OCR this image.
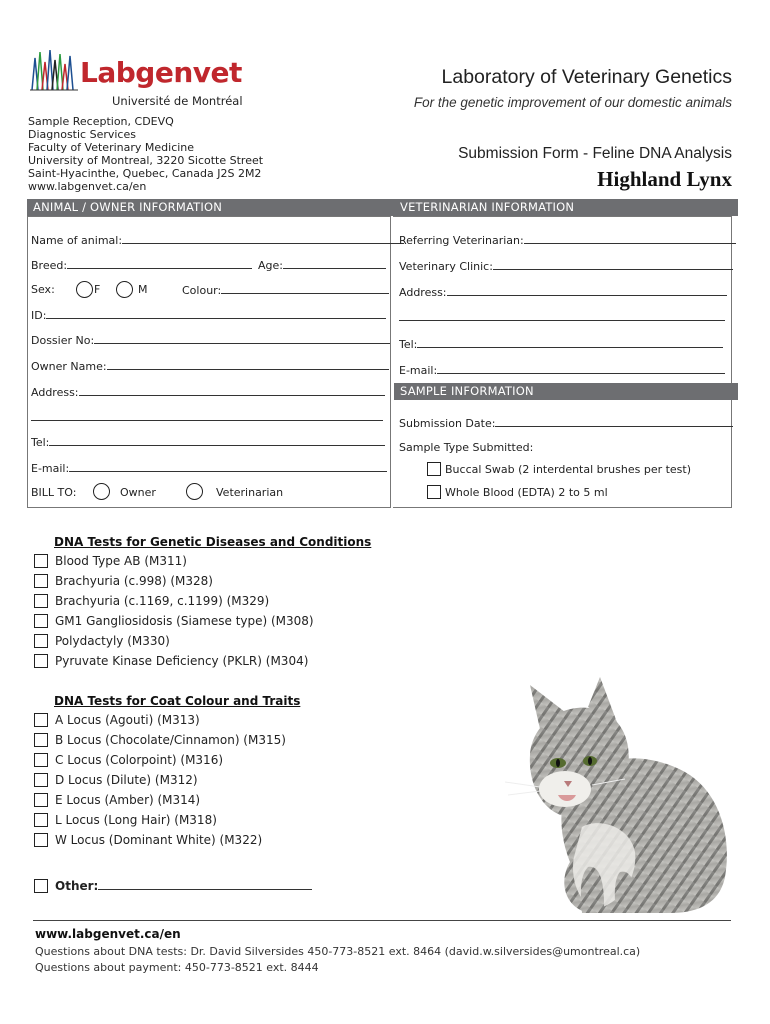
Labgenvet
Université de Montréal
Sample Reception, CDEVQ
Diagnostic Services
Faculty of Veterinary Medicine
University of Montreal, 3220 Sicotte Street
Saint-Hyacinthe, Quebec, Canada J2S 2M2
www.labgenvet.ca/en
Laboratory of Veterinary Genetics
For the genetic improvement of our domestic animals
Submission Form - Feline DNA Analysis
Highland Lynx
ANIMAL / OWNER INFORMATION	VETERINARIAN INFORMATION
Name of animal:
Breed:	Age:
Sex:	F	M	Colour:
ID:
Dossier No:
Owner Name:
Address:
Tel:
E-mail:
BILL TO:	Owner	Veterinarian
Referring Veterinarian:
Veterinary Clinic:
Address:
Tel:
E-mail:
SAMPLE INFORMATION
Submission Date:
Sample Type Submitted:
Buccal Swab (2 interdental brushes per test)
Whole Blood (EDTA) 2 to 5 ml
DNA Tests for Genetic Diseases and Conditions
Blood Type AB (M311)
Brachyuria (c.998) (M328)
Brachyuria (c.1169, c.1199) (M329)
GM1 Gangliosidosis (Siamese type) (M308)
Polydactyly (M330)
Pyruvate Kinase Deficiency (PKLR) (M304)
DNA Tests for Coat Colour and Traits
A Locus (Agouti) (M313)
B Locus (Chocolate/Cinnamon) (M315)
C Locus (Colorpoint) (M316)
D Locus (Dilute) (M312)
E Locus (Amber) (M314)
L Locus (Long Hair) (M318)
W Locus (Dominant White) (M322)
Other:
www.labgenvet.ca/en
Questions about DNA tests: Dr. David Silversides 450-773-8521 ext. 8464 (david.w.silversides@umontreal.ca)
Questions about payment: 450-773-8521 ext. 8444
